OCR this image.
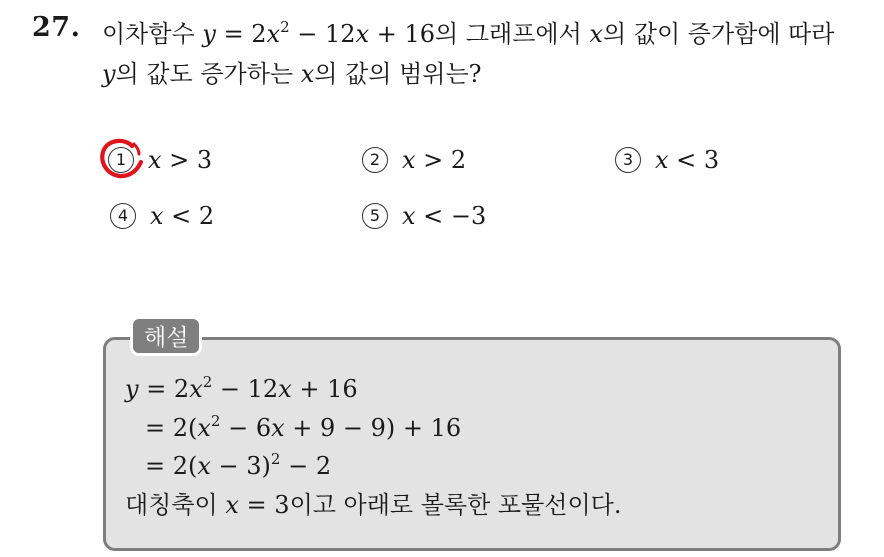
27. 이차함수 $y = 2x^2 - 12x + 16$의 그래프에서 x의 값이 증가함에 따라
y의 값도 증가하는 x의 값의 범위는?
1 x > 3	2 x > 2	3 x < 3
4 x < 2	5 x < −3
해설
$y = 2x^2 - 12x + 16$
= $2(x^2 - 6x + 9 - 9) + 16$
= $2(x - 3)^2 - 2$
대칭축이 x = 3이고 아래로 볼록한 포물선이다.
